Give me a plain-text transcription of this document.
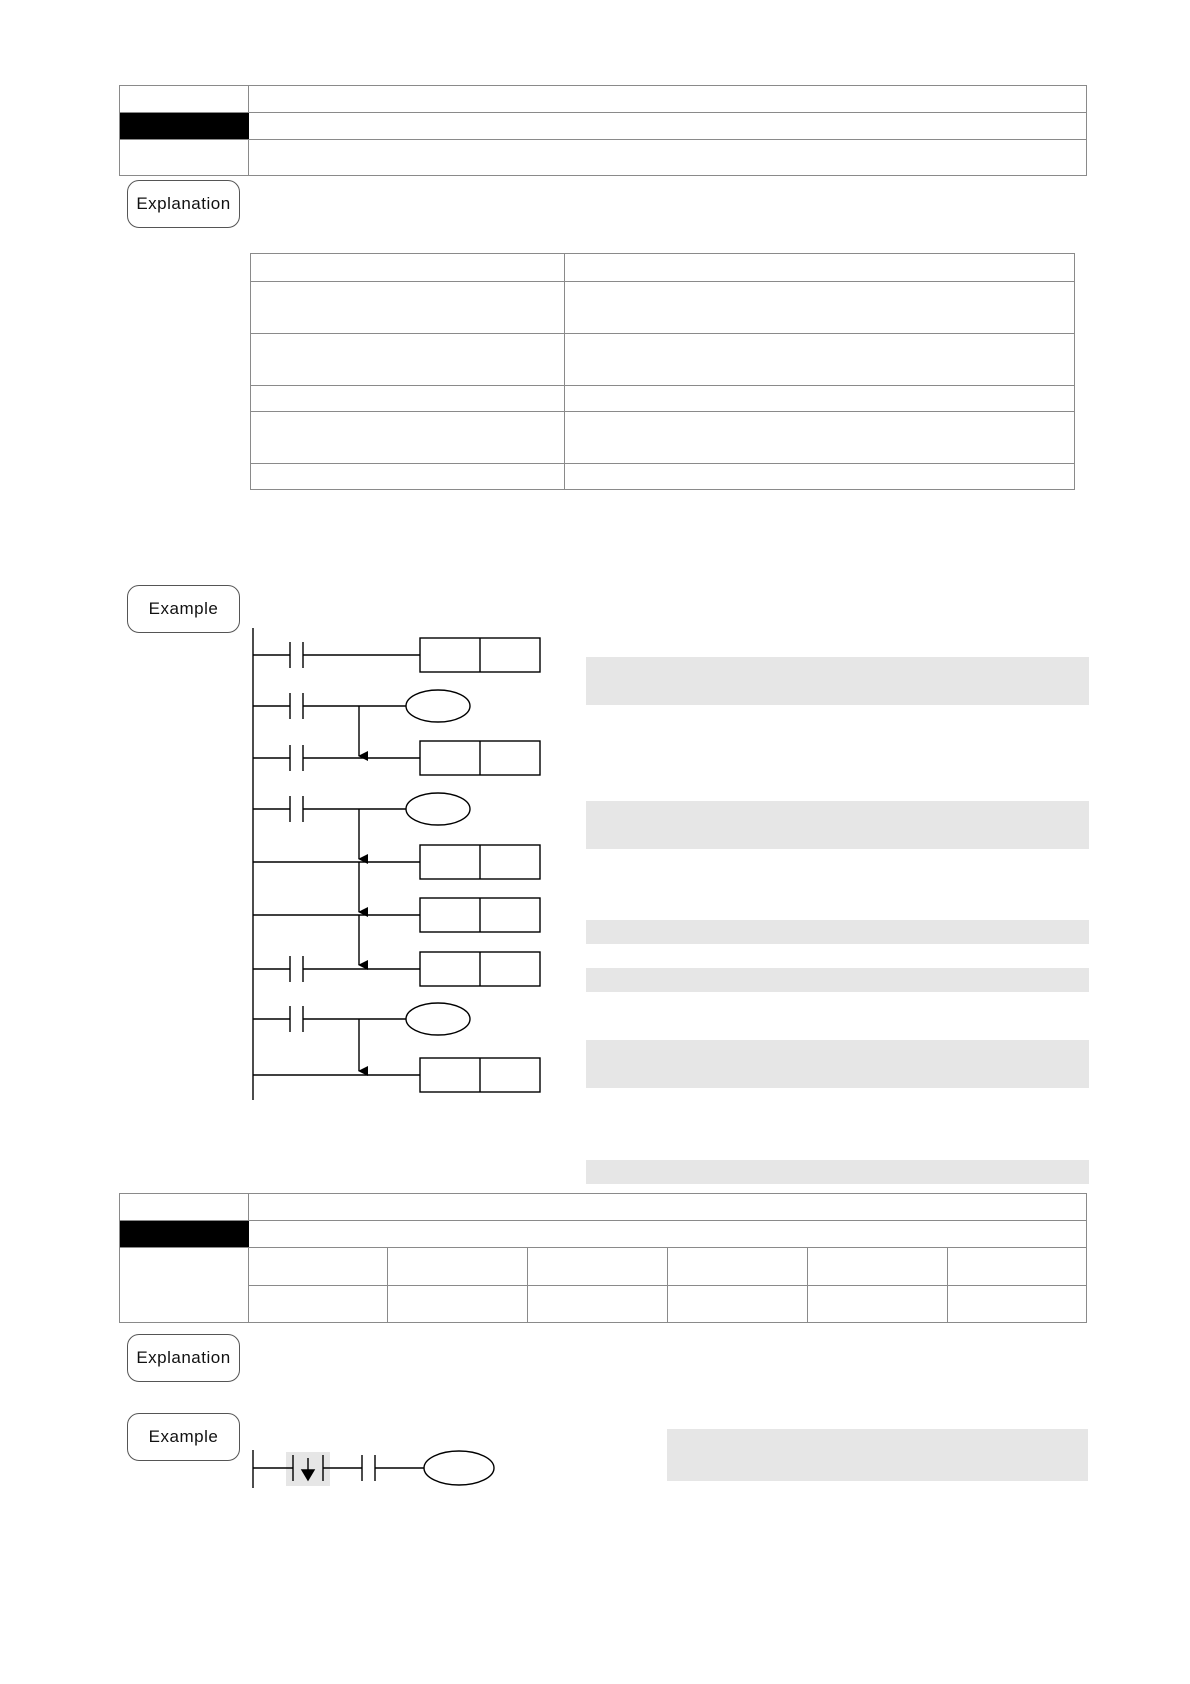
Explanation
Example
Explanation
Example
